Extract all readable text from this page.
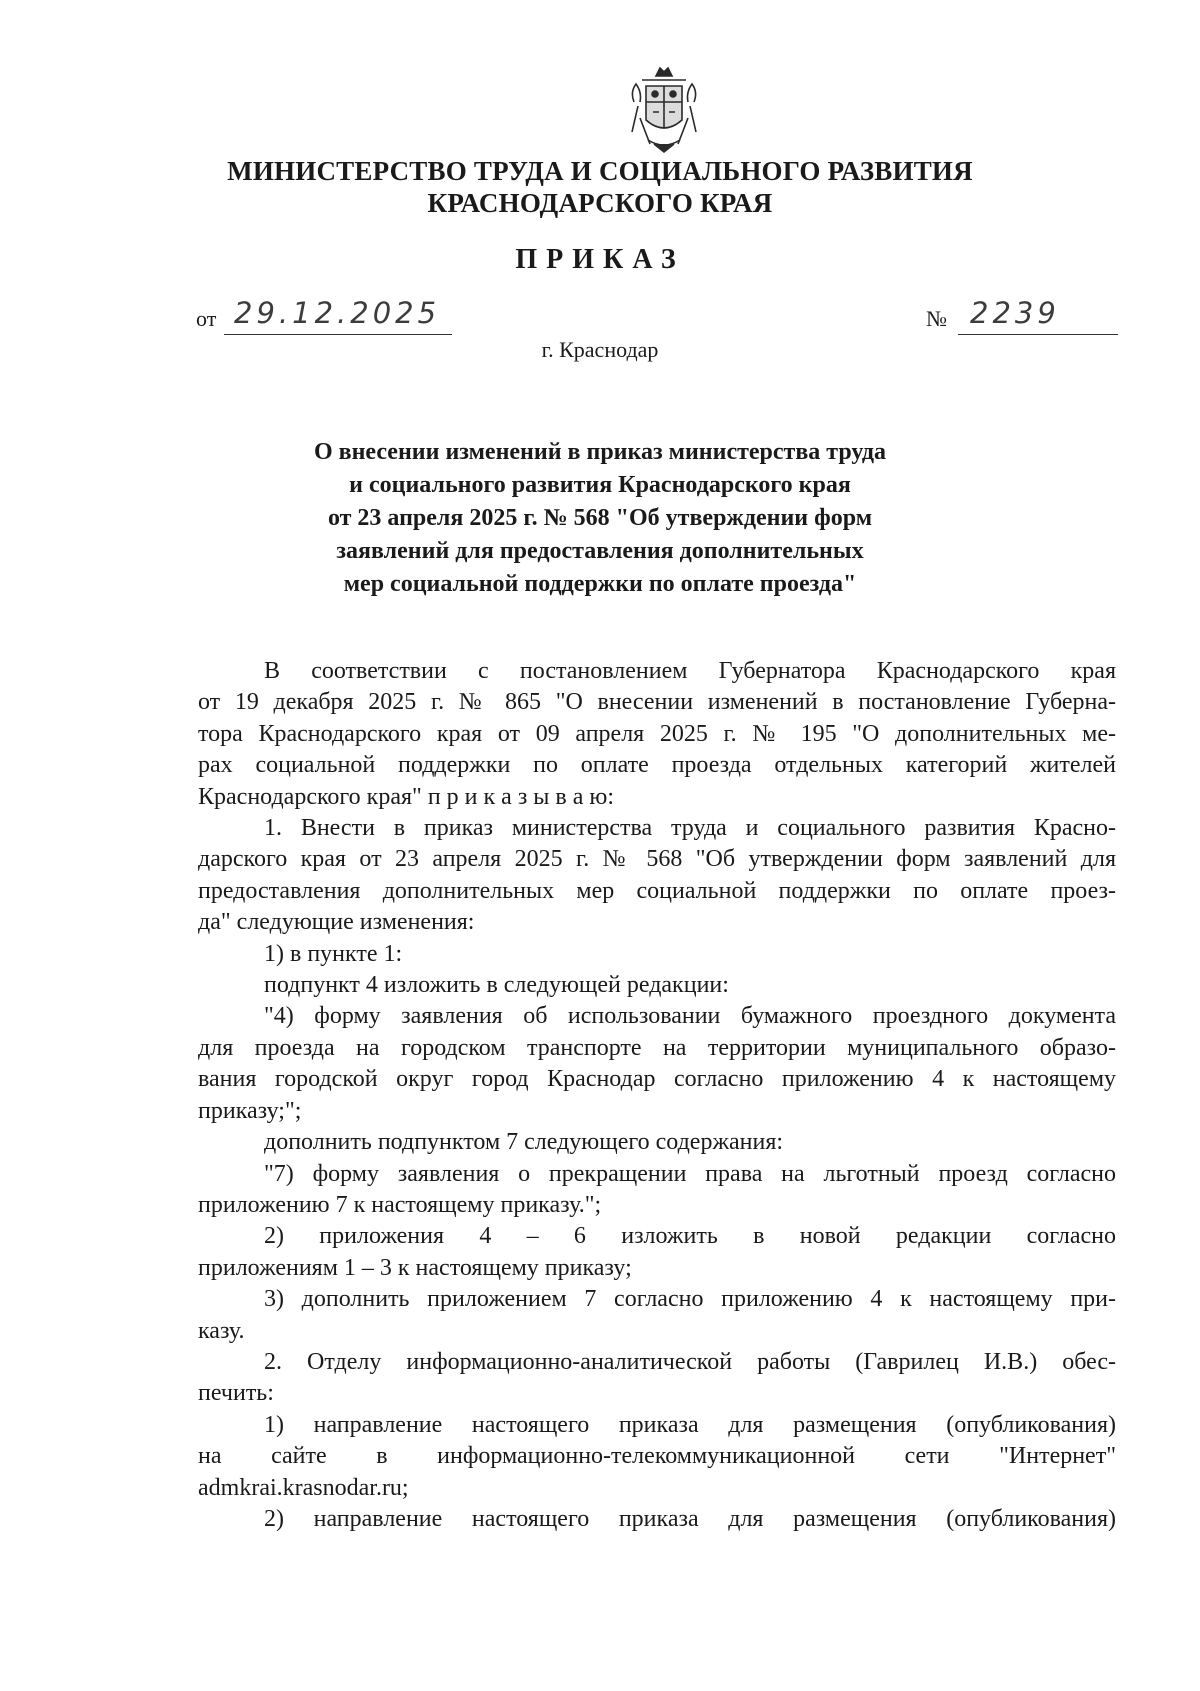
МИНИСТЕРСТВО ТРУДА И СОЦИАЛЬНОГО РАЗВИТИЯ
КРАСНОДАРСКОГО КРАЯ
ПРИКАЗ
от 29.12.2025	№ 2239
г. Краснодар
О внесении изменений в приказ министерства труда
и социального развития Краснодарского края
от 23 апреля 2025 г. № 568 "Об утверждении форм
заявлений для предоставления дополнительных
мер социальной поддержки по оплате проезда"
В соответствии с постановлением Губернатора Краснодарского края
от 19 декабря 2025 г. № 865 "О внесении изменений в постановление Губерна-
тора Краснодарского края от 09 апреля 2025 г. № 195 "О дополнительных ме-
рах социальной поддержки по оплате проезда отдельных категорий жителей
Краснодарского края" п р и к а з ы в а ю:
1. Внести в приказ министерства труда и социального развития Красно-
дарского края от 23 апреля 2025 г. № 568 "Об утверждении форм заявлений для
предоставления дополнительных мер социальной поддержки по оплате проез-
да" следующие изменения:
1) в пункте 1:
подпункт 4 изложить в следующей редакции:
"4) форму заявления об использовании бумажного проездного документа
для проезда на городском транспорте на территории муниципального образо-
вания городской округ город Краснодар согласно приложению 4 к настоящему
приказу;";
дополнить подпунктом 7 следующего содержания:
"7) форму заявления о прекращении права на льготный проезд согласно
приложению 7 к настоящему приказу.";
2) приложения 4 – 6 изложить в новой редакции согласно
приложениям 1 – 3 к настоящему приказу;
3) дополнить приложением 7 согласно приложению 4 к настоящему при-
казу.
2. Отделу информационно-аналитической работы (Гаврилец И.В.) обес-
печить:
1) направление настоящего приказа для размещения (опубликования)
на сайте в информационно-телекоммуникационной сети "Интернет"
admkrai.krasnodar.ru;
2) направление настоящего приказа для размещения (опубликования)
